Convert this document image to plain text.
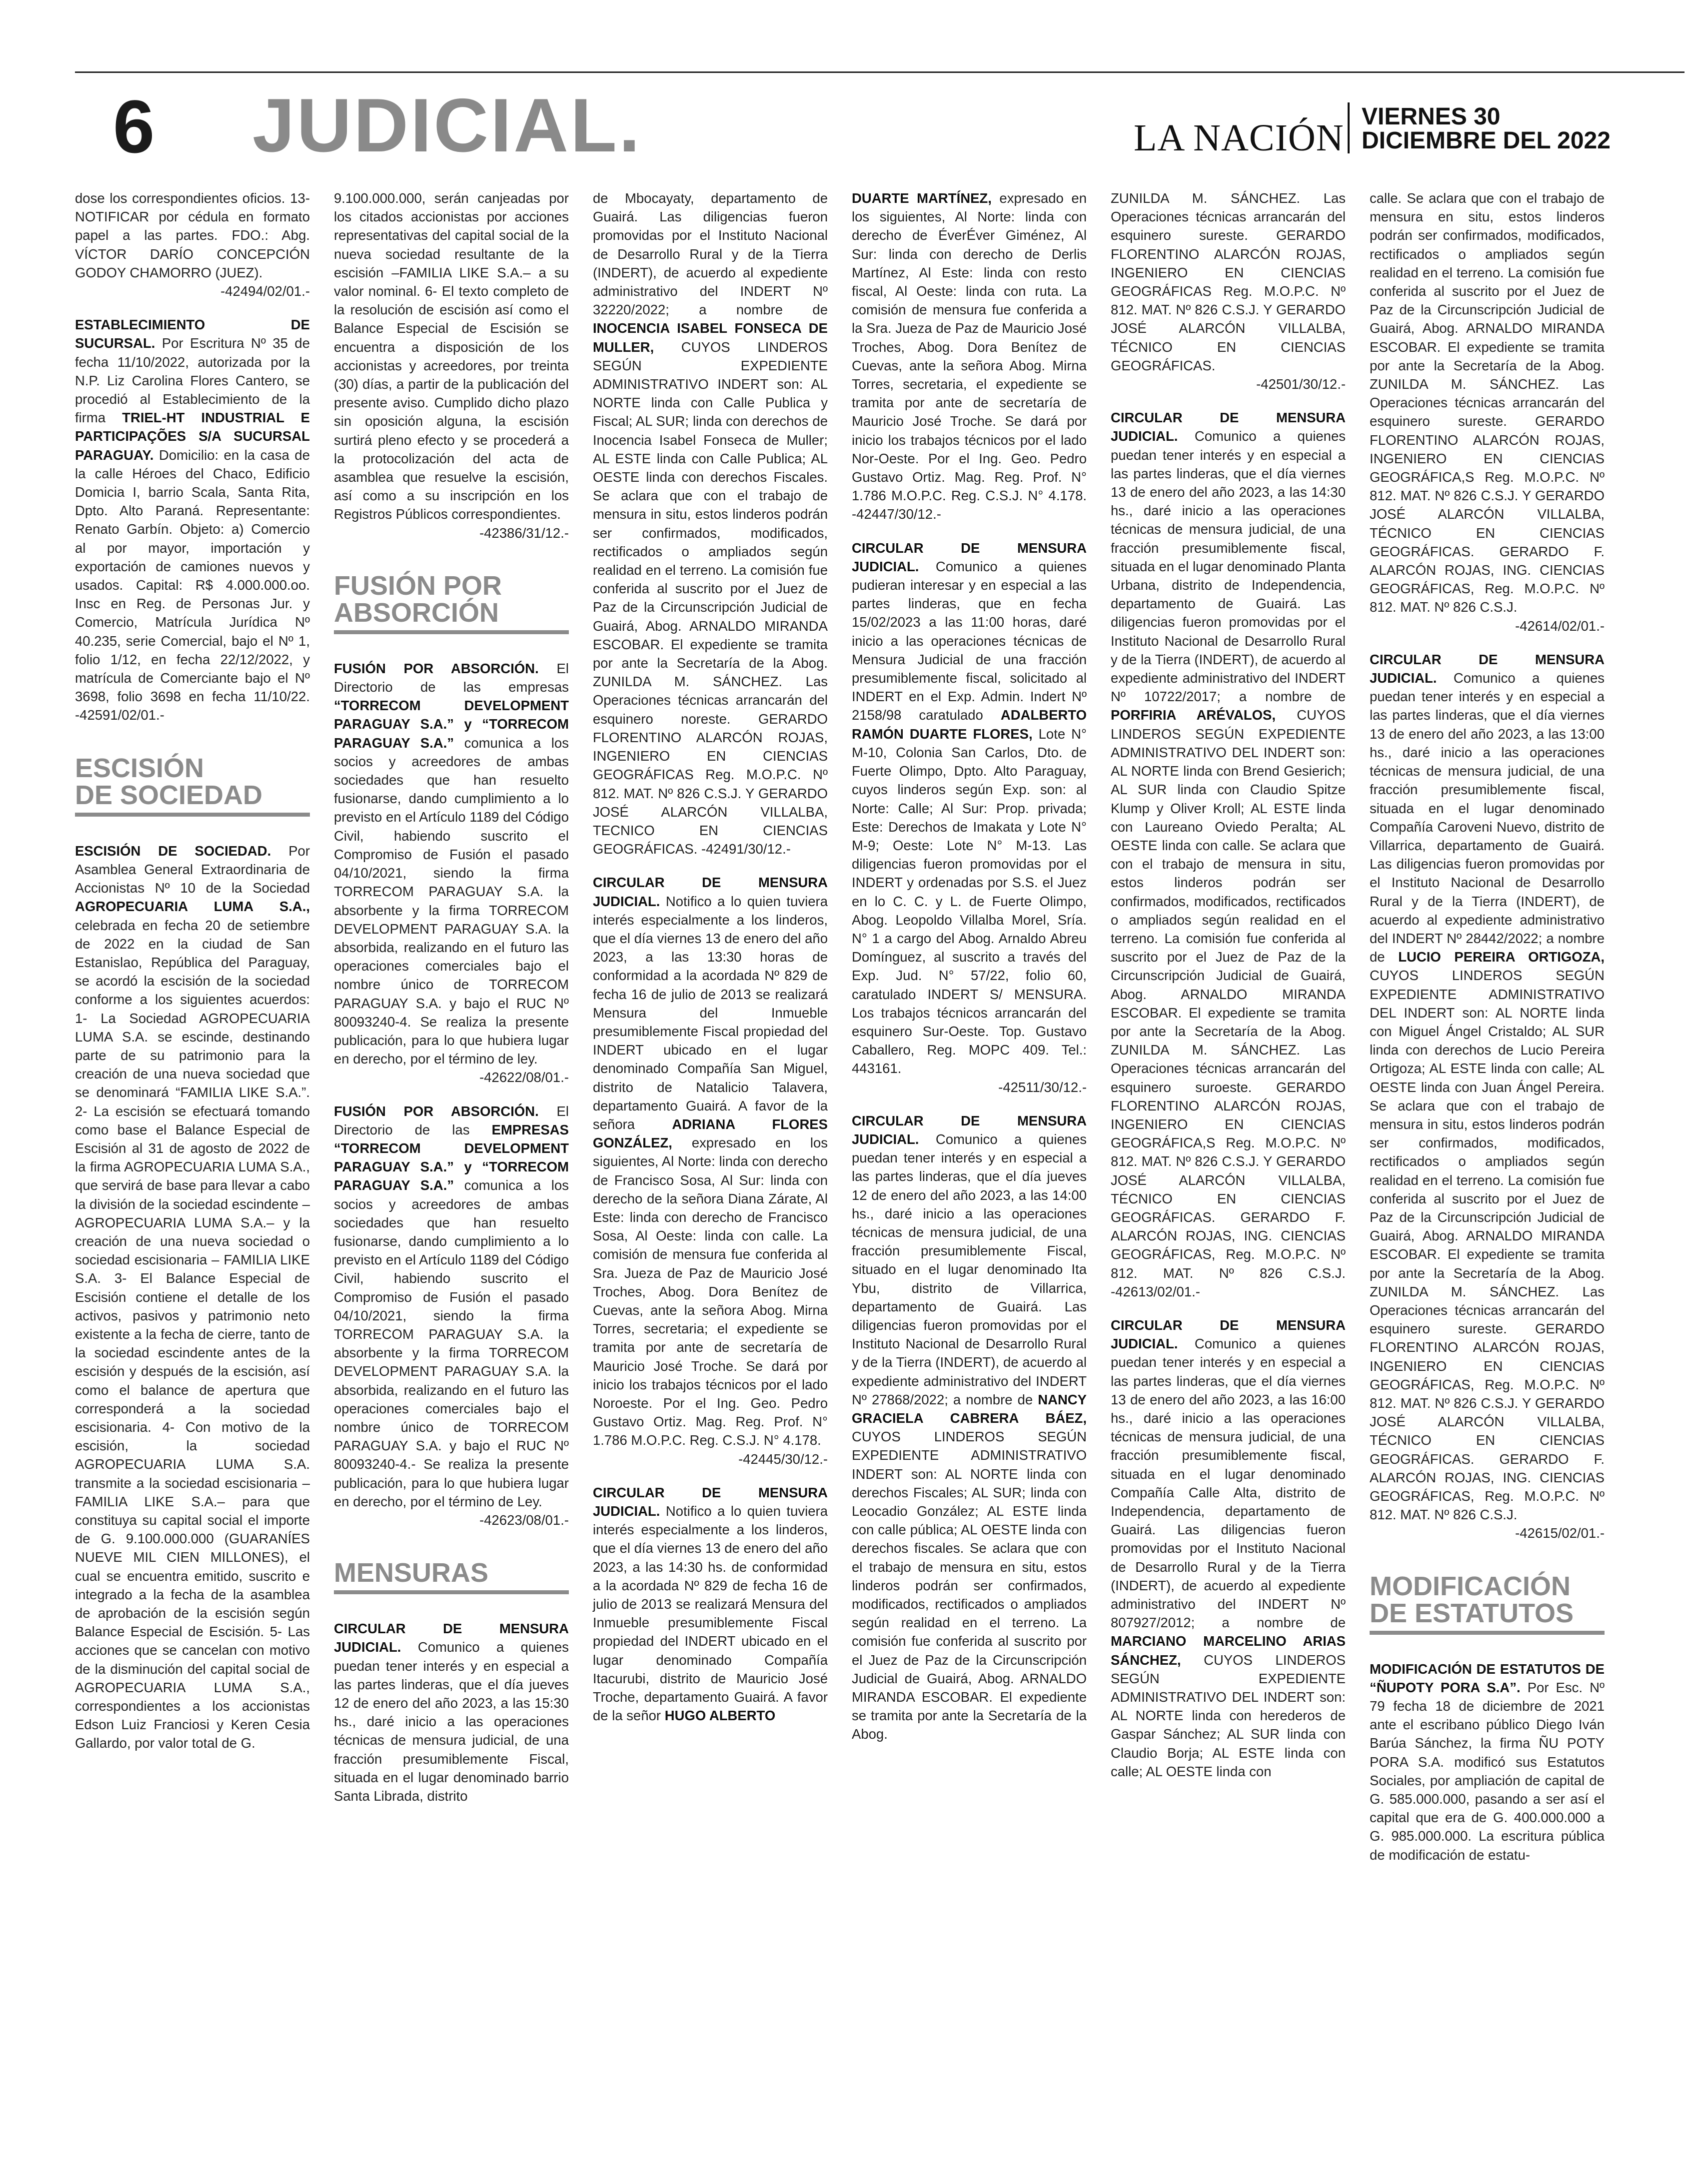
6 JUDICIAL.	LA NACIÓN
VIERNES 30
DICIEMBRE DEL 2022

dose los correspondientes oficios. 13- NOTIFICAR por cédula en formato papel a las partes. FDO.: Abg. VÍCTOR DARÍO CONCEPCIÓN GODOY CHAMORRO (JUEZ).
-42494/02/01.-

ESTABLECIMIENTO DE SUCURSAL. Por Escritura Nº 35 de fecha 11/10/2022, autorizada por la N.P. Liz Carolina Flores Cantero, se procedió al Establecimiento de la firma TRIEL-HT INDUSTRIAL E PARTICIPAÇÕES S/A SUCURSAL PARAGUAY. Domicilio: en la casa de la calle Héroes del Chaco, Edificio Domicia I, barrio Scala, Santa Rita, Dpto. Alto Paraná. Representante: Renato Garbín. Objeto: a) Comercio al por mayor, importación y exportación de camiones nuevos y usados. Capital: R$ 4.000.000.oo. Insc en Reg. de Personas Jur. y Comercio, Matrícula Jurídica Nº 40.235, serie Comercial, bajo el Nº 1, folio 1/12, en fecha 22/12/2022, y matrícula de Comerciante bajo el Nº 3698, folio 3698 en fecha 11/10/22. -42591/02/01.-

ESCISIÓN
DE SOCIEDAD

ESCISIÓN DE SOCIEDAD. Por Asamblea General Extraordinaria de Accionistas Nº 10 de la Sociedad AGROPECUARIA LUMA S.A., celebrada en fecha 20 de setiembre de 2022 en la ciudad de San Estanislao, República del Paraguay, se acordó la escisión de la sociedad conforme a los siguientes acuerdos: 1- La Sociedad AGROPECUARIA LUMA S.A. se escinde, destinando parte de su patrimonio para la creación de una nueva sociedad que se denominará “FAMILIA LIKE S.A.”. 2- La escisión se efectuará tomando como base el Balance Especial de Escisión al 31 de agosto de 2022 de la firma AGROPECUARIA LUMA S.A., que servirá de base para llevar a cabo la división de la sociedad escindente – AGROPECUARIA LUMA S.A.– y la creación de una nueva sociedad o sociedad escisionaria – FAMILIA LIKE S.A. 3- El Balance Especial de Escisión contiene el detalle de los activos, pasivos y patrimonio neto existente a la fecha de cierre, tanto de la sociedad escindente antes de la escisión y después de la escisión, así como el balance de apertura que corresponderá a la sociedad escisionaria. 4- Con motivo de la escisión, la sociedad AGROPECUARIA LUMA S.A. transmite a la sociedad escisionaria –FAMILIA LIKE S.A.– para que constituya su capital social el importe de G. 9.100.000.000 (GUARANÍES NUEVE MIL CIEN MILLONES), el cual se encuentra emitido, suscrito e integrado a la fecha de la asamblea de aprobación de la escisión según Balance Especial de Escisión. 5- Las acciones que se cancelan con motivo de la disminución del capital social de AGROPECUARIA LUMA S.A., correspondientes a los accionistas Edson Luiz Franciosi y Keren Cesia Gallardo, por valor total de G.

9.100.000.000, serán canjeadas por los citados accionistas por acciones representativas del capital social de la nueva sociedad resultante de la escisión –FAMILIA LIKE S.A.– a su valor nominal. 6- El texto completo de la resolución de escisión así como el Balance Especial de Escisión se encuentra a disposición de los accionistas y acreedores, por treinta (30) días, a partir de la publicación del presente aviso. Cumplido dicho plazo sin oposición alguna, la escisión surtirá pleno efecto y se procederá a la protocolización del acta de asamblea que resuelve la escisión, así como a su inscripción en los Registros Públicos correspondientes.
-42386/31/12.-

FUSIÓN POR
ABSORCIÓN

FUSIÓN POR ABSORCIÓN. El Directorio de las empresas “TORRECOM DEVELOPMENT PARAGUAY S.A.” y “TORRECOM PARAGUAY S.A.” comunica a los socios y acreedores de ambas sociedades que han resuelto fusionarse, dando cumplimiento a lo previsto en el Artículo 1189 del Código Civil, habiendo suscrito el Compromiso de Fusión el pasado 04/10/2021, siendo la firma TORRECOM PARAGUAY S.A. la absorbente y la firma TORRECOM DEVELOPMENT PARAGUAY S.A. la absorbida, realizando en el futuro las operaciones comerciales bajo el nombre único de TORRECOM PARAGUAY S.A. y bajo el RUC Nº 80093240-4. Se realiza la presente publicación, para lo que hubiera lugar en derecho, por el término de ley.
-42622/08/01.-

FUSIÓN POR ABSORCIÓN. El Directorio de las EMPRESAS “TORRECOM DEVELOPMENT PARAGUAY S.A.” y “TORRECOM PARAGUAY S.A.” comunica a los socios y acreedores de ambas sociedades que han resuelto fusionarse, dando cumplimiento a lo previsto en el Artículo 1189 del Código Civil, habiendo suscrito el Compromiso de Fusión el pasado 04/10/2021, siendo la firma TORRECOM PARAGUAY S.A. la absorbente y la firma TORRECOM DEVELOPMENT PARAGUAY S.A. la absorbida, realizando en el futuro las operaciones comerciales bajo el nombre único de TORRECOM PARAGUAY S.A. y bajo el RUC Nº 80093240-4.- Se realiza la presente publicación, para lo que hubiera lugar en derecho, por el término de Ley.
-42623/08/01.-

MENSURAS

CIRCULAR DE MENSURA JUDICIAL. Comunico a quienes puedan tener interés y en especial a las partes linderas, que el día jueves 12 de enero del año 2023, a las 15:30 hs., daré inicio a las operaciones técnicas de mensura judicial, de una fracción presumiblemente Fiscal, situada en el lugar denominado barrio Santa Librada, distrito

de Mbocayaty, departamento de Guairá. Las diligencias fueron promovidas por el Instituto Nacional de Desarrollo Rural y de la Tierra (INDERT), de acuerdo al expediente administrativo del INDERT Nº 32220/2022; a nombre de INOCENCIA ISABEL FONSECA DE MULLER, CUYOS LINDEROS SEGÚN EXPEDIENTE ADMINISTRATIVO INDERT son: AL NORTE linda con Calle Publica y Fiscal; AL SUR; linda con derechos de Inocencia Isabel Fonseca de Muller; AL ESTE linda con Calle Publica; AL OESTE linda con derechos Fiscales. Se aclara que con el trabajo de mensura in situ, estos linderos podrán ser confirmados, modificados, rectificados o ampliados según realidad en el terreno. La comisión fue conferida al suscrito por el Juez de Paz de la Circunscripción Judicial de Guairá, Abog. ARNALDO MIRANDA ESCOBAR. El expediente se tramita por ante la Secretaría de la Abog. ZUNILDA M. SÁNCHEZ. Las Operaciones técnicas arrancarán del esquinero noreste. GERARDO FLORENTINO ALARCÓN ROJAS, INGENIERO EN CIENCIAS GEOGRÁFICAS Reg. M.O.P.C. Nº 812. MAT. Nº 826 C.S.J. Y GERARDO JOSÉ ALARCÓN VILLALBA, TECNICO EN CIENCIAS GEOGRÁFICAS. -42491/30/12.-

CIRCULAR DE MENSURA JUDICIAL. Notifico a lo quien tuviera interés especialmente a los linderos, que el día viernes 13 de enero del año 2023, a las 13:30 horas de conformidad a la acordada Nº 829 de fecha 16 de julio de 2013 se realizará Mensura del Inmueble presumiblemente Fiscal propiedad del INDERT ubicado en el lugar denominado Compañía San Miguel, distrito de Natalicio Talavera, departamento Guairá. A favor de la señora	ADRIANA FLORES GONZÁLEZ, expresado en los siguientes, Al Norte: linda con derecho de Francisco Sosa, Al Sur: linda con derecho de la señora Diana Zárate, Al Este: linda con derecho de Francisco Sosa, Al Oeste: linda con calle. La comisión de mensura fue conferida al Sra. Jueza de Paz de Mauricio José Troches, Abog. Dora Benítez de Cuevas, ante la señora Abog. Mirna Torres, secretaria; el expediente se tramita por ante de secretaría de Mauricio José Troche. Se dará por inicio los trabajos técnicos por el lado Noroeste. Por el Ing. Geo. Pedro Gustavo Ortiz. Mag. Reg. Prof. N° 1.786 M.O.P.C. Reg. C.S.J. N° 4.178.
-42445/30/12.-

CIRCULAR DE MENSURA JUDICIAL. Notifico a lo quien tuviera interés especialmente a los linderos, que el día viernes 13 de enero del año 2023, a las 14:30 hs. de conformidad a la acordada Nº 829 de fecha 16 de julio de 2013 se realizará Mensura del Inmueble presumiblemente Fiscal propiedad del INDERT ubicado en el lugar denominado Compañía Itacurubi, distrito de Mauricio José Troche, departamento Guairá. A favor de la señor HUGO ALBERTO

DUARTE MARTÍNEZ, expresado en los siguientes, Al Norte: linda con derecho de ÉverÉver Giménez, Al Sur: linda con derecho de Derlis Martínez, Al Este: linda con resto fiscal, Al Oeste: linda con ruta. La comisión de mensura fue conferida a la Sra. Jueza de Paz de Mauricio José Troches, Abog. Dora Benítez de Cuevas, ante la señora Abog. Mirna Torres, secretaria, el expediente se tramita por ante de secretaría de Mauricio José Troche. Se dará por inicio los trabajos técnicos por el lado Nor-Oeste. Por el Ing. Geo. Pedro Gustavo Ortiz. Mag. Reg. Prof. N° 1.786 M.O.P.C. Reg. C.S.J. N° 4.178. -42447/30/12.-

CIRCULAR DE MENSURA JUDICIAL. Comunico a quienes pudieran interesar y en especial a las partes linderas, que en fecha 15/02/2023 a las 11:00 horas, daré inicio a las operaciones técnicas de Mensura Judicial de una fracción presumiblemente fiscal, solicitado al INDERT en el Exp. Admin. Indert Nº 2158/98 caratulado ADALBERTO RAMÓN DUARTE FLORES, Lote N° M-10, Colonia San Carlos, Dto. de Fuerte Olimpo, Dpto. Alto Paraguay, cuyos linderos según Exp. son: al Norte: Calle; Al Sur: Prop. privada; Este: Derechos de Imakata y Lote N° M-9; Oeste: Lote N° M-13. Las diligencias fueron promovidas por el INDERT y ordenadas por S.S. el Juez en lo C. C. y L. de Fuerte Olimpo, Abog. Leopoldo Villalba Morel, Sría. N° 1 a cargo del Abog. Arnaldo Abreu Domínguez, al suscrito a través del Exp. Jud. N° 57/22, folio 60, caratulado INDERT S/ MENSURA. Los trabajos técnicos arrancarán del esquinero Sur-Oeste. Top. Gustavo Caballero, Reg. MOPC 409. Tel.: 443161.
-42511/30/12.-

CIRCULAR DE MENSURA JUDICIAL. Comunico a quienes puedan tener interés y en especial a las partes linderas, que el día jueves 12 de enero del año 2023, a las 14:00 hs., daré inicio a las operaciones técnicas de mensura judicial, de una fracción presumiblemente Fiscal, situado en el lugar denominado Ita Ybu, distrito de Villarrica, departamento de Guairá. Las diligencias fueron promovidas por el Instituto Nacional de Desarrollo Rural y de la Tierra (INDERT), de acuerdo al expediente administrativo del INDERT Nº 27868/2022; a nombre de NANCY GRACIELA CABRERA BÁEZ, CUYOS LINDEROS SEGÚN EXPEDIENTE ADMINISTRATIVO INDERT son: AL NORTE linda con derechos Fiscales; AL SUR; linda con Leocadio González; AL ESTE linda con calle pública; AL OESTE linda con derechos fiscales. Se aclara que con el trabajo de mensura en situ, estos linderos podrán ser confirmados, modificados, rectificados o ampliados según realidad en el terreno. La comisión fue conferida al suscrito por el Juez de Paz de la Circunscripción Judicial de Guairá, Abog. ARNALDO MIRANDA ESCOBAR. El expediente se tramita por ante la Secretaría de la Abog.

ZUNILDA M. SÁNCHEZ. Las Operaciones técnicas arrancarán del esquinero sureste. GERARDO FLORENTINO ALARCÓN ROJAS, INGENIERO EN CIENCIAS GEOGRÁFICAS Reg. M.O.P.C. Nº 812. MAT. Nº 826 C.S.J. Y GERARDO JOSÉ ALARCÓN VILLALBA, TÉCNICO EN CIENCIAS GEOGRÁFICAS.
-42501/30/12.-

CIRCULAR DE MENSURA JUDICIAL. Comunico a quienes puedan tener interés y en especial a las partes linderas, que el día viernes 13 de enero del año 2023, a las 14:30 hs., daré inicio a las operaciones técnicas de mensura judicial, de una fracción presumiblemente fiscal, situada en el lugar denominado Planta Urbana, distrito de Independencia, departamento de Guairá. Las diligencias fueron promovidas por el Instituto Nacional de Desarrollo Rural y de la Tierra (INDERT), de acuerdo al expediente administrativo del INDERT Nº 10722/2017; a nombre de PORFIRIA ARÉVALOS, CUYOS LINDEROS SEGÚN EXPEDIENTE ADMINISTRATIVO DEL INDERT son: AL NORTE linda con Brend Gesierich; AL SUR linda con Claudio Spitze Klump y Oliver Kroll; AL ESTE linda con Laureano Oviedo Peralta; AL OESTE linda con calle. Se aclara que con el trabajo de mensura in situ, estos linderos podrán ser confirmados, modificados, rectificados o ampliados según realidad en el terreno. La comisión fue conferida al suscrito por el Juez de Paz de la Circunscripción Judicial de Guairá, Abog. ARNALDO MIRANDA ESCOBAR. El expediente se tramita por ante la Secretaría de la Abog. ZUNILDA M. SÁNCHEZ. Las Operaciones técnicas arrancarán del esquinero suroeste. GERARDO FLORENTINO ALARCÓN ROJAS, INGENIERO EN CIENCIAS GEOGRÁFICA,S Reg. M.O.P.C. Nº 812. MAT. Nº 826 C.S.J. Y GERARDO JOSÉ ALARCÓN VILLALBA, TÉCNICO EN CIENCIAS GEOGRÁFICAS. GERARDO F. ALARCÓN ROJAS, ING. CIENCIAS GEOGRÁFICAS, Reg. M.O.P.C. Nº 812. MAT. Nº 826 C.S.J. -42613/02/01.-

CIRCULAR DE MENSURA JUDICIAL. Comunico a quienes puedan tener interés y en especial a las partes linderas, que el día viernes 13 de enero del año 2023, a las 16:00 hs., daré inicio a las operaciones técnicas de mensura judicial, de una fracción presumiblemente fiscal, situada en el lugar denominado Compañía Calle Alta, distrito de Independencia, departamento de Guairá. Las diligencias fueron promovidas por el Instituto Nacional de Desarrollo Rural y de la Tierra (INDERT), de acuerdo al expediente administrativo del INDERT Nº 807927/2012; a nombre de MARCIANO MARCELINO ARIAS SÁNCHEZ, CUYOS LINDEROS SEGÚN EXPEDIENTE ADMINISTRATIVO DEL INDERT son: AL NORTE linda con herederos de Gaspar Sánchez; AL SUR linda con Claudio Borja; AL ESTE linda con calle; AL OESTE linda con

calle. Se aclara que con el trabajo de mensura en situ, estos linderos podrán ser confirmados, modificados, rectificados o ampliados según realidad en el terreno. La comisión fue conferida al suscrito por el Juez de Paz de la Circunscripción Judicial de Guairá, Abog. ARNALDO MIRANDA ESCOBAR. El expediente se tramita por ante la Secretaría de la Abog. ZUNILDA M. SÁNCHEZ. Las Operaciones técnicas arrancarán del esquinero sureste. GERARDO FLORENTINO ALARCÓN ROJAS, INGENIERO EN CIENCIAS GEOGRÁFICA,S Reg. M.O.P.C. Nº 812. MAT. Nº 826 C.S.J. Y GERARDO JOSÉ ALARCÓN VILLALBA, TÉCNICO EN CIENCIAS GEOGRÁFICAS. GERARDO F. ALARCÓN ROJAS, ING. CIENCIAS GEOGRÁFICAS, Reg. M.O.P.C. Nº 812. MAT. Nº 826 C.S.J.
-42614/02/01.-

CIRCULAR DE MENSURA JUDICIAL. Comunico a quienes puedan tener interés y en especial a las partes linderas, que el día viernes 13 de enero del año 2023, a las 13:00 hs., daré inicio a las operaciones técnicas de mensura judicial, de una fracción presumiblemente fiscal, situada en el lugar denominado Compañía Caroveni Nuevo, distrito de Villarrica, departamento de Guairá. Las diligencias fueron promovidas por el Instituto Nacional de Desarrollo Rural y de la Tierra (INDERT), de acuerdo al expediente administrativo del INDERT Nº 28442/2022; a nombre de LUCIO PEREIRA ORTIGOZA, CUYOS LINDEROS SEGÚN EXPEDIENTE ADMINISTRATIVO DEL INDERT son: AL NORTE linda con Miguel Ángel Cristaldo; AL SUR linda con derechos de Lucio Pereira Ortigoza; AL ESTE linda con calle; AL OESTE linda con Juan Ángel Pereira. Se aclara que con el trabajo de mensura in situ, estos linderos podrán ser confirmados, modificados, rectificados o ampliados según realidad en el terreno. La comisión fue conferida al suscrito por el Juez de Paz de la Circunscripción Judicial de Guairá, Abog. ARNALDO MIRANDA ESCOBAR. El expediente se tramita por ante la Secretaría de la Abog. ZUNILDA M. SÁNCHEZ. Las Operaciones técnicas arrancarán del esquinero sureste. GERARDO FLORENTINO ALARCÓN ROJAS, INGENIERO EN CIENCIAS GEOGRÁFICAS, Reg. M.O.P.C. Nº 812. MAT. Nº 826 C.S.J. Y GERARDO JOSÉ ALARCÓN VILLALBA, TÉCNICO EN CIENCIAS GEOGRÁFICAS. GERARDO F. ALARCÓN ROJAS, ING. CIENCIAS GEOGRÁFICAS, Reg. M.O.P.C. Nº 812. MAT. Nº 826 C.S.J.
-42615/02/01.-

MODIFICACIÓN
DE ESTATUTOS

MODIFICACIÓN DE ESTATUTOS DE “ÑUPOTY PORA S.A”. Por Esc. Nº 79 fecha 18 de diciembre de 2021 ante el escribano público Diego Iván Barúa Sánchez, la firma ÑU POTY PORA S.A. modificó sus Estatutos Sociales, por ampliación de capital de G. 585.000.000, pasando a ser así el capital que era de G. 400.000.000 a G. 985.000.000. La escritura pública de modificación de estatu-
